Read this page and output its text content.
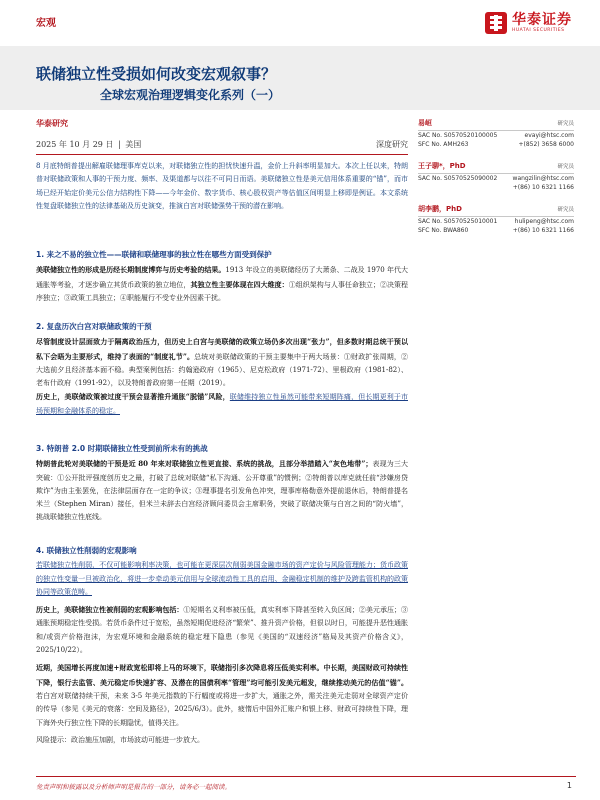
宏观	华泰证券
HUATAI SECURITIES
联储独立性受损如何改变宏观叙事？
全球宏观治理逻辑变化系列（一）
华泰研究
2025 年 10 月 29 日 | 美国	深度研究
8 月底特朗普提出解雇联储理事库克以来，对联储独立性的担忧快速升温，金价上升斜率明显加大。本次上任以来，特朗普对联储政策和人事的干预力度、频率、及渠道都与以往不可同日而语。美联储独立性是美元信用体系重要的“锚”，而市场已经开始定价美元公信力结构性下降——今年金价、数字货币、核心股权资产等估值区间明显上移即是例证。本文系统性复盘联储独立性的法律基础及历史演变，推演白宫对联储强势干预的潜在影响。
1. 来之不易的独立性——联储和联储理事的独立性在哪些方面受到保护

美联储独立性的形成是历经长期制度博弈与历史考验的结果。1913 年设立的美联储经历了大萧条、二战及 1970 年代大通胀等考验，才逐步确立其货币政策的独立地位，其独立性主要体现在四大维度：①组织架构与人事任命独立；②决策程序独立；③政策工具独立；④职能履行不受专业外因素干扰。

2. 复盘历次白宫对联储政策的干预

尽管制度设计层面致力于隔离政治压力，但历史上白宫与美联储的政策立场仍多次出现“张力”，但多数时期总统干预以私下会晤为主要形式，维持了表面的“制度礼节”。总统对美联储政策的干预主要集中于两大场景：①财政扩张周期，②大选前夕且经济基本面不稳。典型案例包括：约翰逊政府（1965）、尼克松政府（1971-72）、里根政府（1981-82）、老布什政府（1991-92），以及特朗普政府第一任期（2019）。

历史上，美联储政策被过度干预会显著推升通胀“脱锚”风险，联储维持独立性虽然可能带来短期阵痛，但长期更利于市场预期和金融体系的稳定。

3. 特朗普 2.0 时期联储独立性受到前所未有的挑战

特朗普此轮对美联储的干预是近 80 年来对联储独立性更直接、系统的挑战，且部分举措踏入“灰色地带”；表现为三大突破：①公开批评强度创历史之最，打破了总统对联储“私下沟通、公开尊重”的惯例；②特朗普以库克就任前“涉嫌房贷欺诈”为由主张罢免，在法律层面存在一定的争议；③理事提名引发角色冲突，理事库格勒意外提前退休后，特朗普提名米兰（Stephen Miran）接任，但米兰未辞去白宫经济顾问委员会主席职务，突破了联储决策与白宫之间的“防火墙”，挑战联储独立性底线。

4. 联储独立性削弱的宏观影响

若联储独立性削弱，不仅可能影响利率决策，也可能在更深层次削弱美国金融市场的资产定价与风险管理能力；货币政策的独立性变量一旦被政治化，将进一步牵动美元信用与全球流动性工具的启用、金融稳定机制的维护及跨监管机构的政策协同等政策范畴。

历史上，美联储独立性被削弱的宏观影响包括：①短期名义利率被压低，真实利率下降甚至转入负区间；②美元承压；③通胀预期稳定性受损。若货币条件过于宽松，虽然短期促进经济“繁荣”、推升资产价格，但很以时日，可能提升恶性通胀和/或资产价格泡沫，为宏观环境和金融系统的稳定埋下隐患（参见《美国的“双速经济”格局及其资产价格含义》，2025/10/22）。

近期，美国增长再度加速+财政宽松即将上马的环境下，联储指引多次降息将压低美实利率。中长期，美国财政可持续性下降，银行去监管、美元稳定币快速扩容、及潜在的国债利率“管理”均可能引发美元超发，继续推动美元的估值“锚”。若白宫对联储持续干预，未来 3-5 年美元指数的下行幅度或将进一步扩大，通胀之外，需关注美元走弱对全球资产定价的传导（参见《美元的衰落：空间及路径》，2025/6/3）。此外，疲惰后中国外汇账户和银上移、财政可持续性下降，理下海外央行独立性下降的长期隐忧，值得关注。

风险提示：政治施压加剧，市场波动可能进一步放大。

易峘	研究员
SAC No. S0570520100005	evayi@htsc.com
SFC No. AMH263	+(852) 3658 6000
王子聊*，PhD	研究员
SAC No. S0570525090002	wangzilin@htsc.com
+(86) 10 6321 1166
胡李鹏，PhD	研究员
SAC No. S0570525010001	hulipeng@htsc.com
SFC No. BWA860	+(86) 10 6321 1166
免责声明和披露以及分析师声明是报告的一部分，请务必一起阅读。	1
